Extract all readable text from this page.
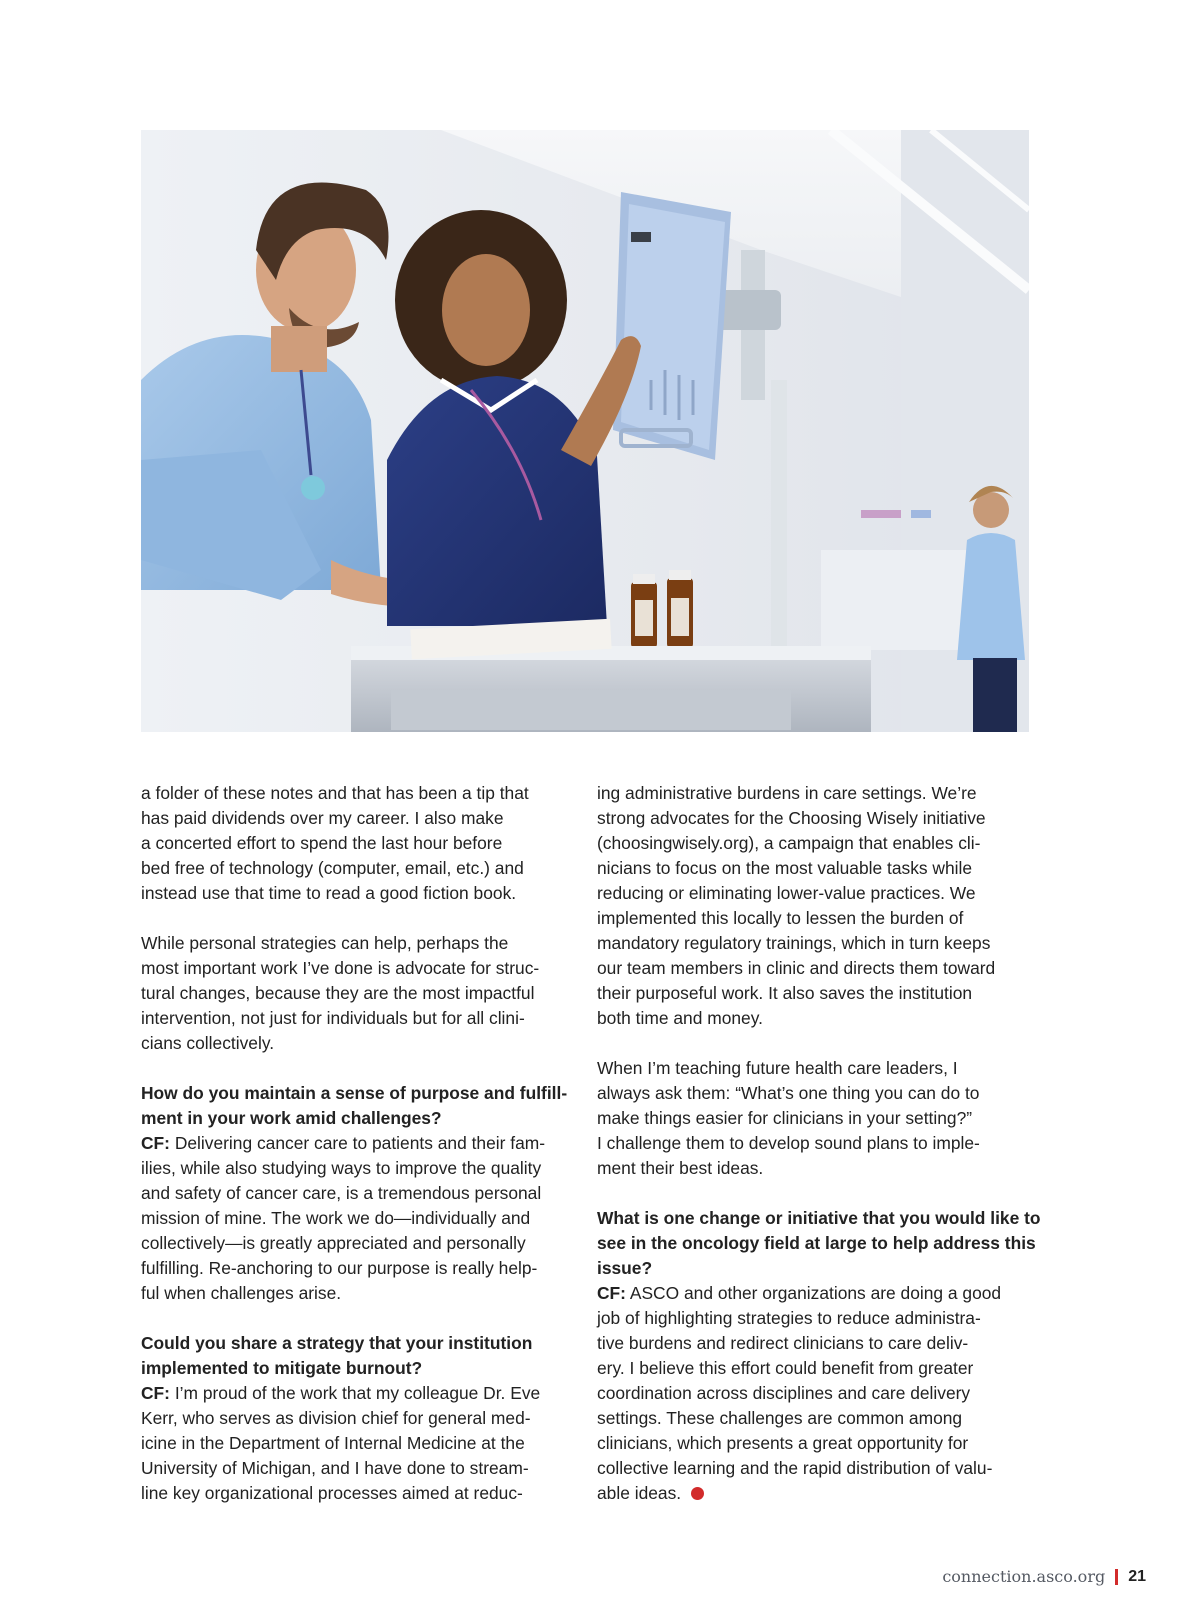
a folder of these notes and that has been a tip that
has paid dividends over my career. I also make
a concerted effort to spend the last hour before
bed free of technology (computer, email, etc.) and
instead use that time to read a good fiction book.
While personal strategies can help, perhaps the
most important work I’ve done is advocate for struc-
tural changes, because they are the most impactful
intervention, not just for individuals but for all clini-
cians collectively.
How do you maintain a sense of purpose and fulfill-
ment in your work amid challenges?
CF: Delivering cancer care to patients and their fam-
ilies, while also studying ways to improve the quality
and safety of cancer care, is a tremendous personal
mission of mine. The work we do—individually and
collectively—is greatly appreciated and personally
fulfilling. Re-anchoring to our purpose is really help-
ful when challenges arise.
Could you share a strategy that your institution
implemented to mitigate burnout?
CF: I’m proud of the work that my colleague Dr. Eve
Kerr, who serves as division chief for general med-
icine in the Department of Internal Medicine at the
University of Michigan, and I have done to stream-
line key organizational processes aimed at reduc-
ing administrative burdens in care settings. We’re
strong advocates for the Choosing Wisely initiative
(choosingwisely.org), a campaign that enables cli-
nicians to focus on the most valuable tasks while
reducing or eliminating lower-value practices. We
implemented this locally to lessen the burden of
mandatory regulatory trainings, which in turn keeps
our team members in clinic and directs them toward
their purposeful work. It also saves the institution
both time and money.
When I’m teaching future health care leaders, I
always ask them: “What’s one thing you can do to
make things easier for clinicians in your setting?”
I challenge them to develop sound plans to imple-
ment their best ideas.
What is one change or initiative that you would like to
see in the oncology field at large to help address this
issue?
CF: ASCO and other organizations are doing a good
job of highlighting strategies to reduce administra-
tive burdens and redirect clinicians to care deliv-
ery. I believe this effort could benefit from greater
coordination across disciplines and care delivery
settings. These challenges are common among
clinicians, which presents a great opportunity for
collective learning and the rapid distribution of valu-
able ideas.
connection.asco.org 21
